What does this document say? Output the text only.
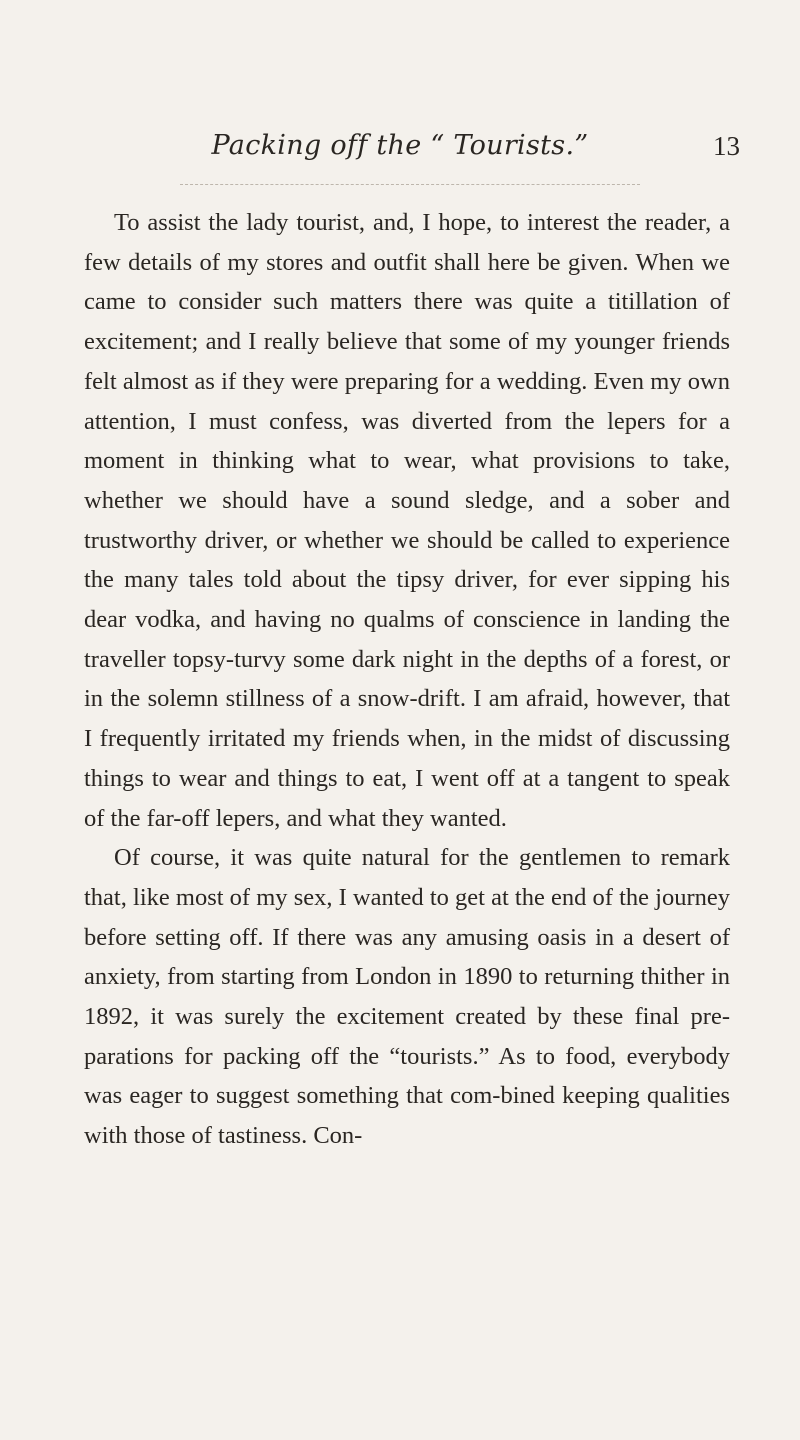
Packing off the “ Tourists.”	13

To assist the lady tourist, and, I hope, to interest the reader, a few details of my stores and outfit shall here be given. When we came to consider such matters there was quite a titillation of excitement; and I really believe that some of my younger friends felt almost as if they were preparing for a wedding. Even my own attention, I must confess, was diverted from the lepers for a moment in thinking what to wear, what provisions to take, whether we should have a sound sledge, and a sober and trustworthy driver, or whether we should be called to experience the many tales told about the tipsy driver, for ever sipping his dear vodka, and having no qualms of conscience in landing the traveller topsy-turvy some dark night in the depths of a forest, or in the solemn stillness of a snow-drift. I am afraid, however, that I frequently irritated my friends when, in the midst of discussing things to wear and things to eat, I went off at a tangent to speak of the far-off lepers, and what they wanted.

Of course, it was quite natural for the gentlemen to remark that, like most of my sex, I wanted to get at the end of the journey before setting off. If there was any amusing oasis in a desert of anxiety, from starting from London in 1890 to returning thither in 1892, it was surely the excitement created by these final pre-parations for packing off the “tourists.” As to food, everybody was eager to suggest something that com-bined keeping qualities with those of tastiness. Con-
